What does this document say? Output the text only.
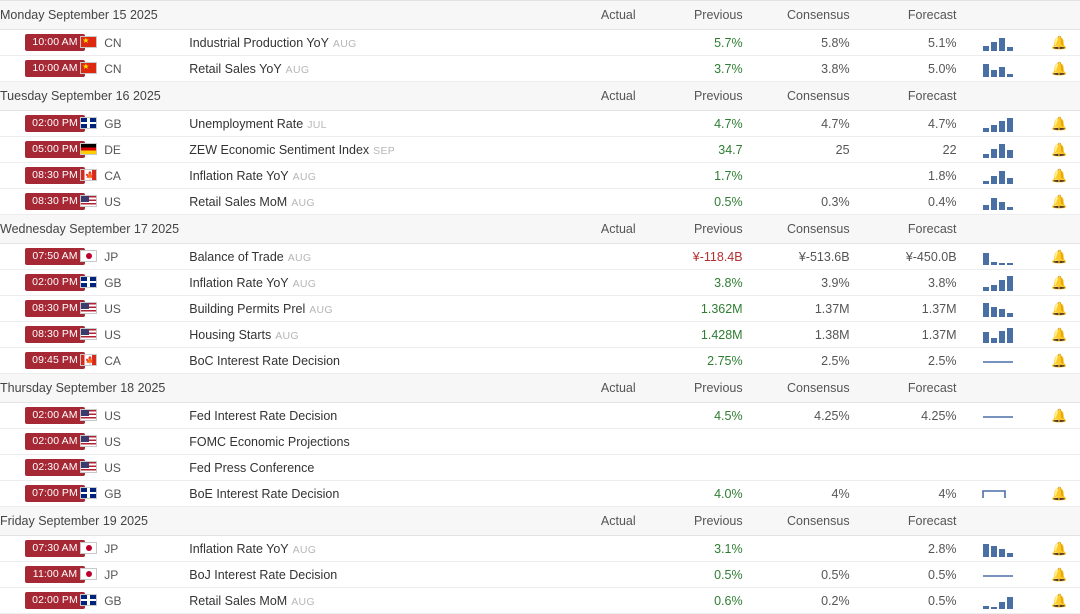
Monday September 15 2025			Actual	Previous	Consensus	Forecast		
10:00 AM	★CN	Industrial Production YoY AUG		5.7%	5.8%	5.1%		🔔
10:00 AM	★CN	Retail Sales YoY AUG		3.7%	3.8%	5.0%		🔔
Tuesday September 16 2025			Actual	Previous	Consensus	Forecast		
02:00 PM	GB	Unemployment Rate JUL		4.7%	4.7%	4.7%		🔔
05:00 PM	DE	ZEW Economic Sentiment Index SEP		34.7	25	22		🔔
08:30 PM	🍁CA	Inflation Rate YoY AUG		1.7%		1.8%		🔔
08:30 PM	US	Retail Sales MoM AUG		0.5%	0.3%	0.4%		🔔
Wednesday September 17 2025			Actual	Previous	Consensus	Forecast		
07:50 AM	JP	Balance of Trade AUG		¥-118.4B	¥-513.6B	¥-450.0B		🔔
02:00 PM	GB	Inflation Rate YoY AUG		3.8%	3.9%	3.8%		🔔
08:30 PM	US	Building Permits Prel AUG		1.362M	1.37M	1.37M		🔔
08:30 PM	US	Housing Starts AUG		1.428M	1.38M	1.37M		🔔
09:45 PM	🍁CA	BoC Interest Rate Decision		2.75%	2.5%	2.5%		🔔
Thursday September 18 2025			Actual	Previous	Consensus	Forecast		
02:00 AM	US	Fed Interest Rate Decision		4.5%	4.25%	4.25%		🔔
02:00 AM	US	FOMC Economic Projections						
02:30 AM	US	Fed Press Conference						
07:00 PM	GB	BoE Interest Rate Decision		4.0%	4%	4%		🔔
Friday September 19 2025			Actual	Previous	Consensus	Forecast		
07:30 AM	JP	Inflation Rate YoY AUG		3.1%		2.8%		🔔
11:00 AM	JP	BoJ Interest Rate Decision		0.5%	0.5%	0.5%		🔔
02:00 PM	GB	Retail Sales MoM AUG		0.6%	0.2%	0.5%		🔔
